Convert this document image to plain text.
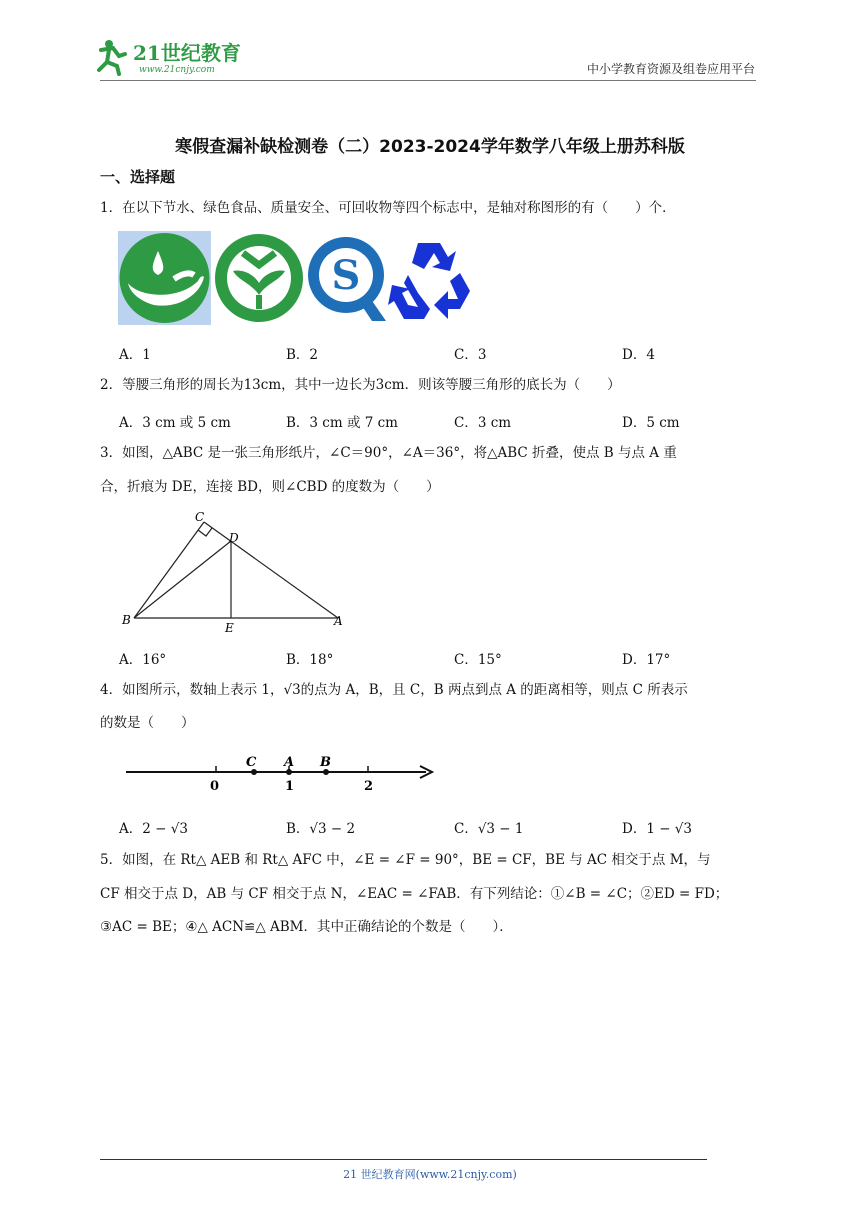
21世纪教育
www.21cnjy.com	中小学教育资源及组卷应用平台
寒假查漏补缺检测卷（二）2023-2024学年数学八年级上册苏科版
一、选择题
1．在以下节水、绿色食品、质量安全、可回收物等四个标志中，是轴对称图形的有（　　）个．
S
A．1	B．2	C．3	D．4
2．等腰三角形的周长为13cm，其中一边长为3cm．则该等腰三角形的底长为（　　）
A．3 cm 或 5 cm	B．3 cm 或 7 cm	C．3 cm	D．5 cm
3．如图，△ABC 是一张三角形纸片，∠C＝90°，∠A＝36°，将△ABC 折叠，使点 B 与点 A 重
合，折痕为 DE，连接 BD，则∠CBD 的度数为（　　）
C
D
B
E	A
A．16°	B．18°	C．15°	D．17°
4．如图所示，数轴上表示 1，√3的点为 A，B，且 C，B 两点到点 A 的距离相等，则点 C 所表示
的数是（　　）
0
C A B
1	2
A．2 − √3	B．√3 − 2	C．√3 − 1	D．1 − √3
5．如图，在 Rt△ AEB 和 Rt△ AFC 中，∠E = ∠F = 90°，BE = CF，BE 与 AC 相交于点 M，与
CF 相交于点 D，AB 与 CF 相交于点 N，∠EAC = ∠FAB．有下列结论：①∠B = ∠C；②ED = FD；
③AC = BE；④△ ACN≌△ ABM．其中正确结论的个数是（　　）．
21 世纪教育网(www.21cnjy.com)
